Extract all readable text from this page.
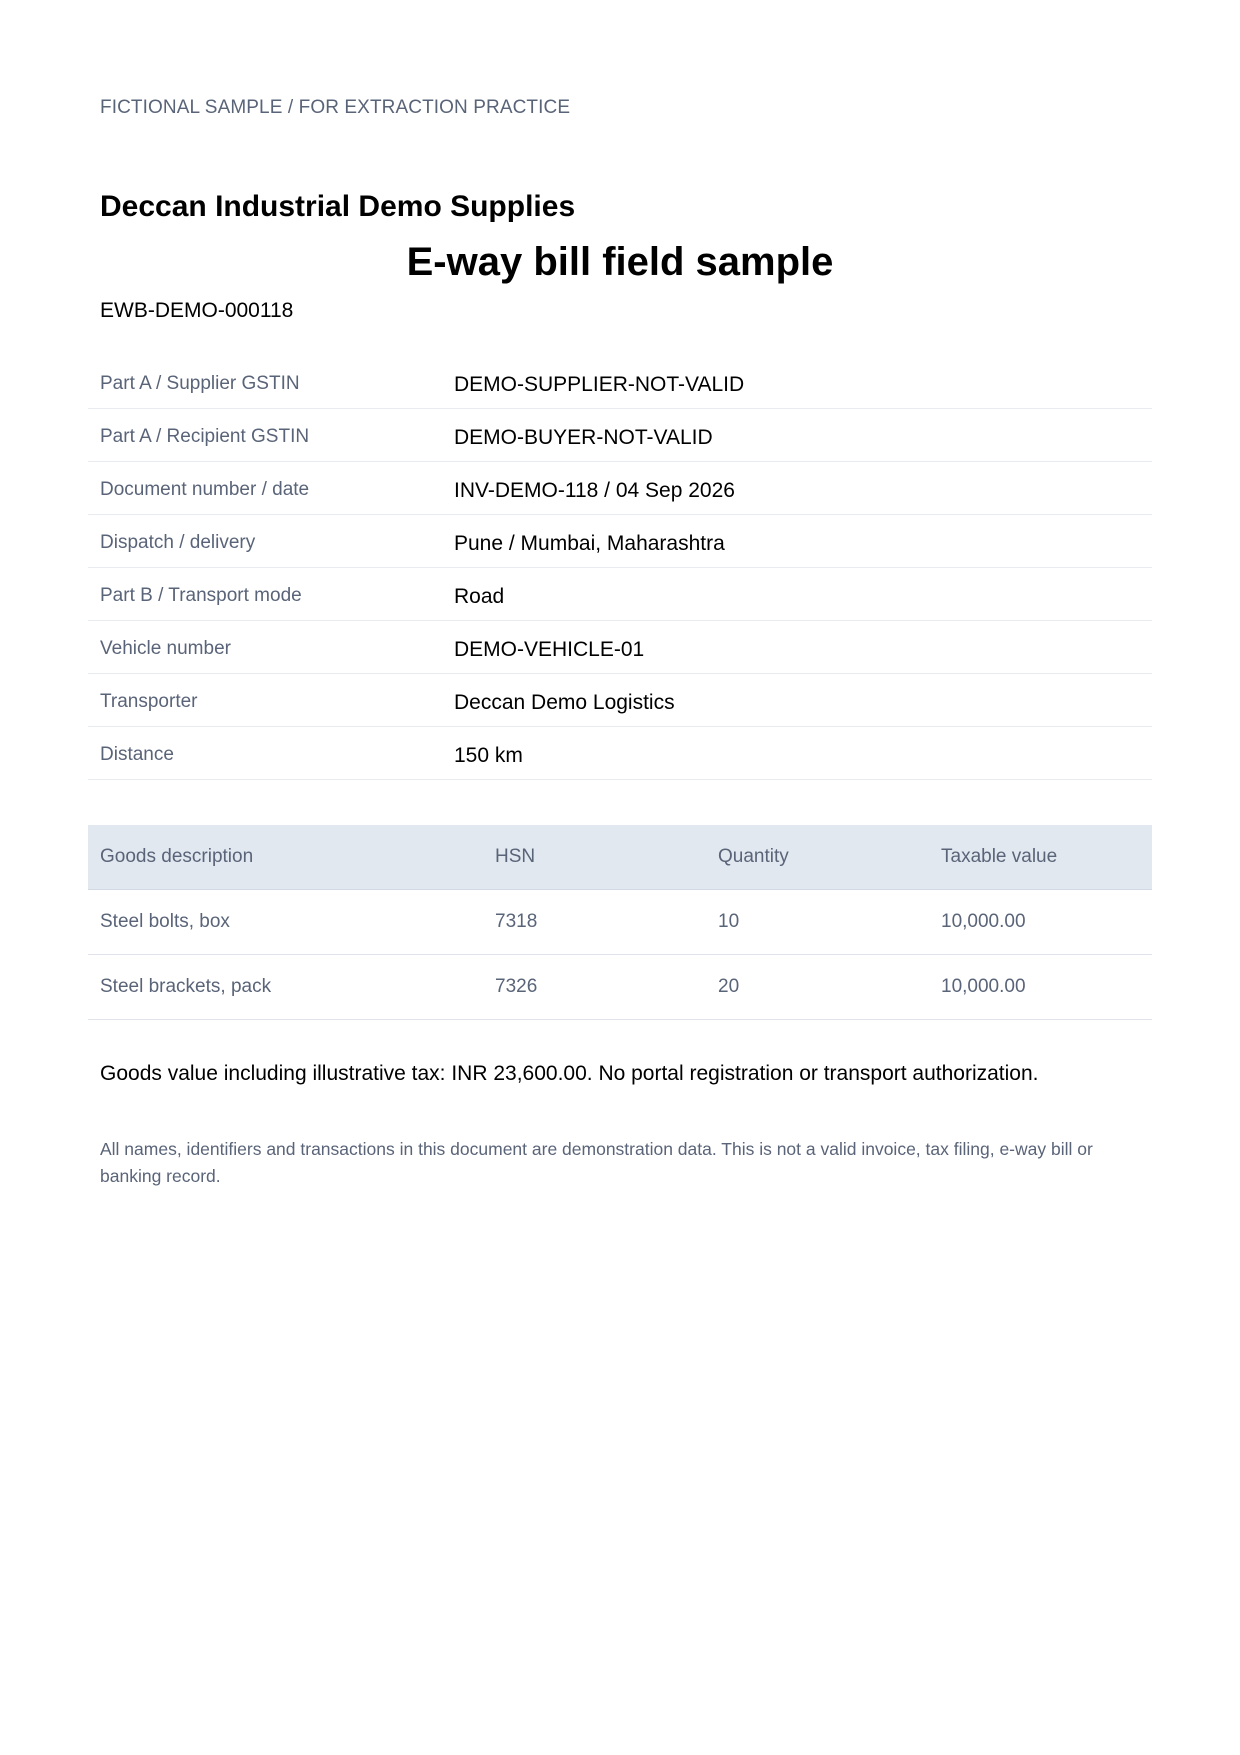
FICTIONAL SAMPLE / FOR EXTRACTION PRACTICE
Deccan Industrial Demo Supplies
E-way bill field sample
EWB-DEMO-000118
Part A / Supplier GSTIN	DEMO-SUPPLIER-NOT-VALID
Part A / Recipient GSTIN	DEMO-BUYER-NOT-VALID
Document number / date	INV-DEMO-118 / 04 Sep 2026
Dispatch / delivery	Pune / Mumbai, Maharashtra
Part B / Transport mode	Road
Vehicle number	DEMO-VEHICLE-01
Transporter	Deccan Demo Logistics
Distance	150 km
Goods description	HSN	Quantity	Taxable value
Steel bolts, box	7318	10	10,000.00
Steel brackets, pack	7326	20	10,000.00
Goods value including illustrative tax: INR 23,600.00. No portal registration or transport authorization.
All names, identifiers and transactions in this document are demonstration data. This is not a valid invoice, tax filing, e-way bill or banking record.
